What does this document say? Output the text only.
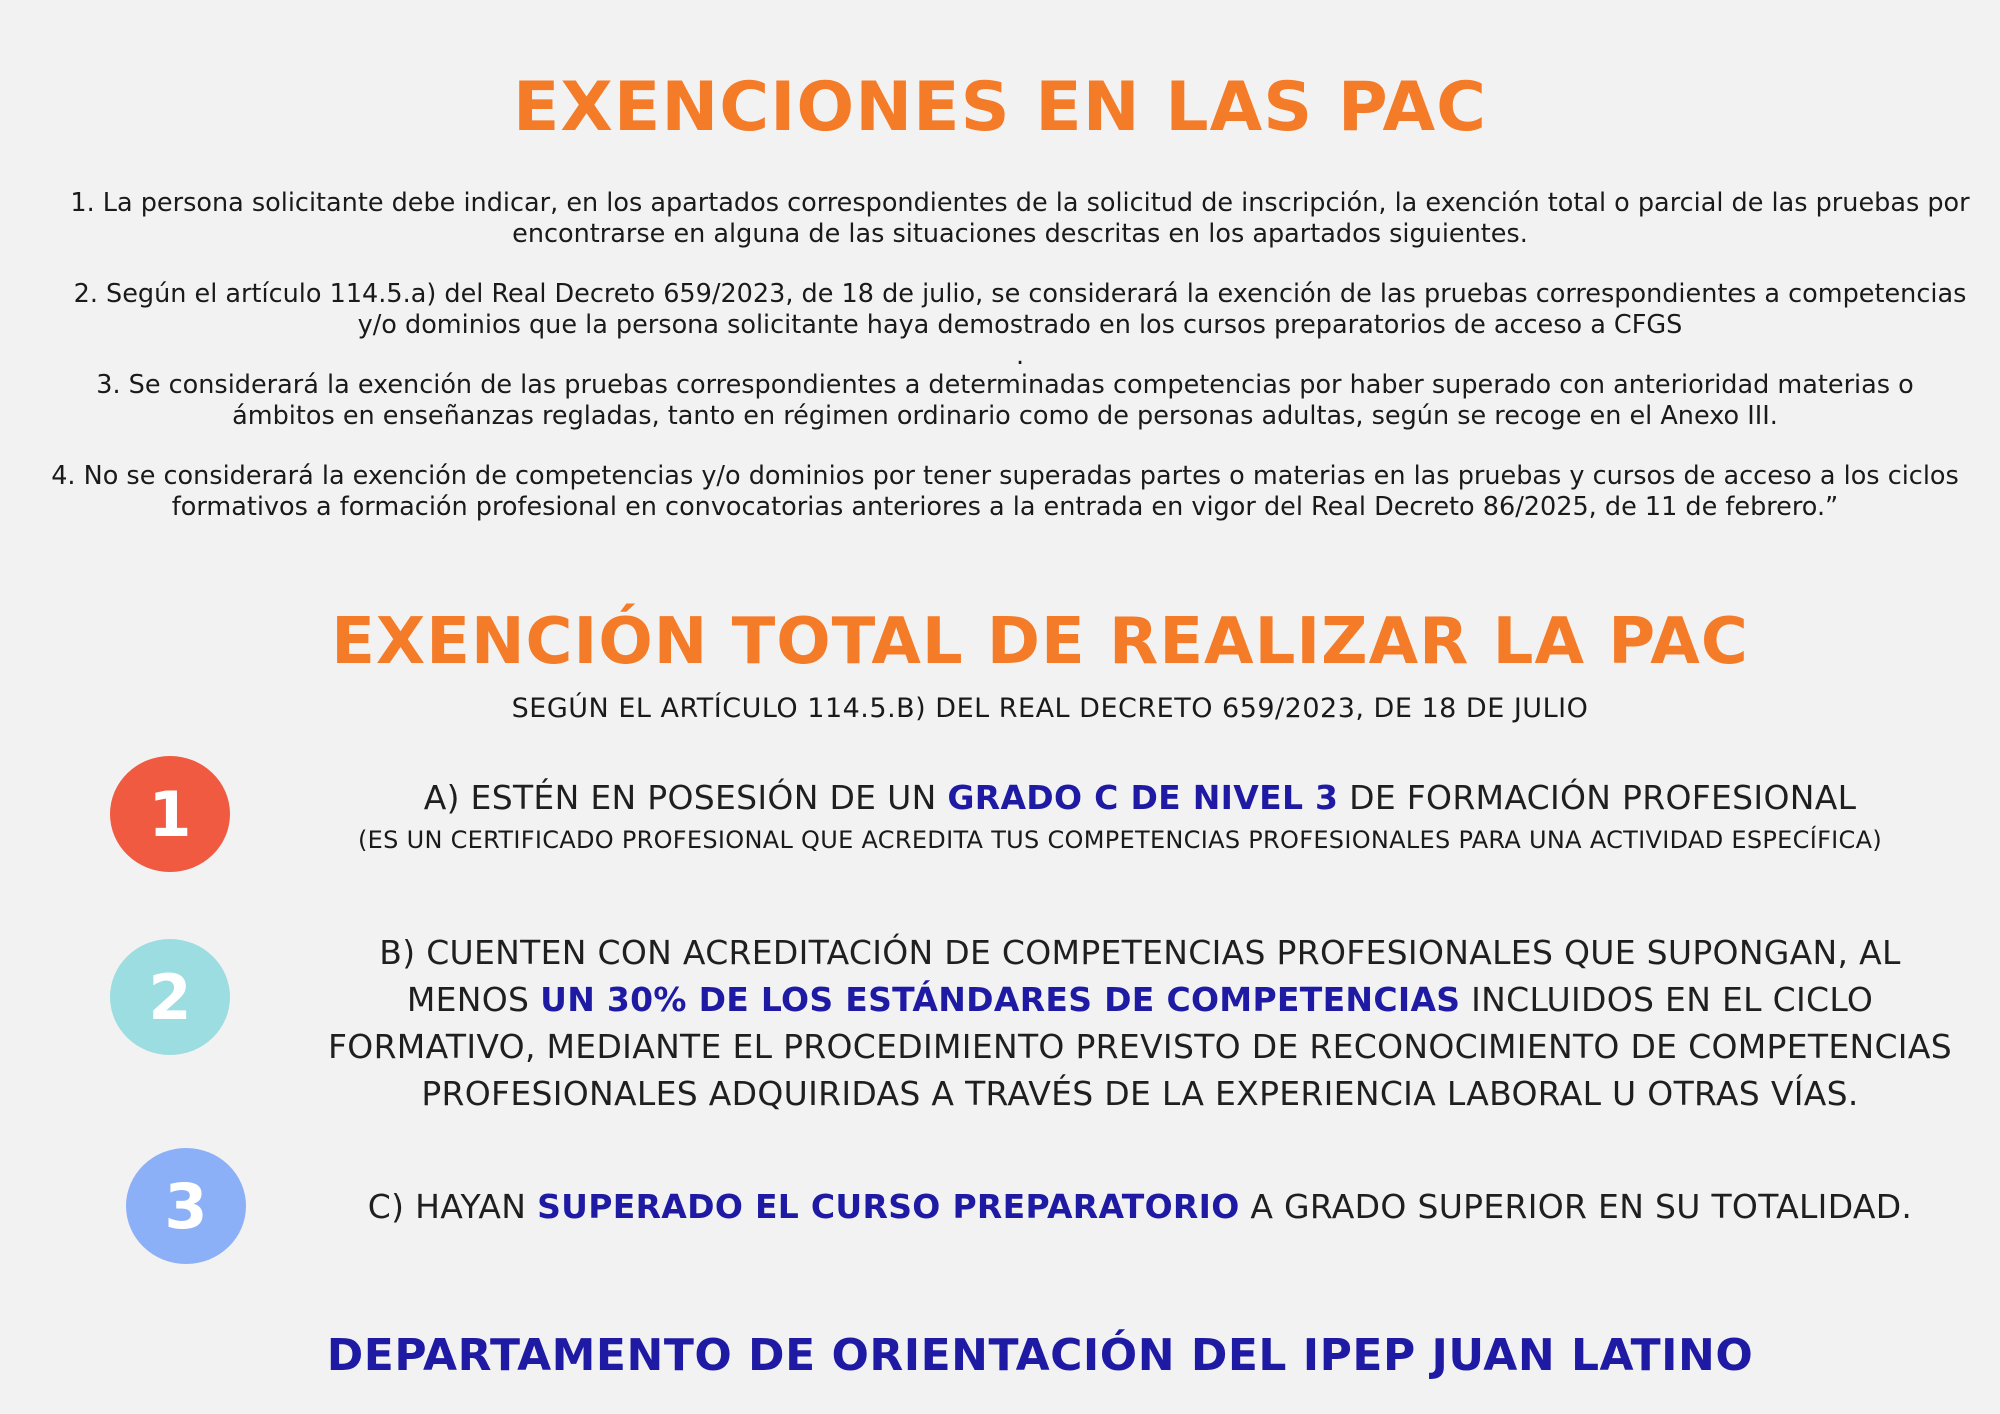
EXENCIONES EN LAS PAC

1. La persona solicitante debe indicar, en los apartados correspondientes de la solicitud de inscripción, la exención total o parcial de las pruebas por encontrarse en alguna de las situaciones descritas en los apartados siguientes.

2. Según el artículo 114.5.a) del Real Decreto 659/2023, de 18 de julio, se considerará la exención de las pruebas correspondientes a competencias y/o dominios que la persona solicitante haya demostrado en los cursos preparatorios de acceso a CFGS
.

3. Se considerará la exención de las pruebas correspondientes a determinadas competencias por haber superado con anterioridad materias o ámbitos en enseñanzas regladas, tanto en régimen ordinario como de personas adultas, según se recoge en el Anexo III.

4. No se considerará la exención de competencias y/o dominios por tener superadas partes o materias en las pruebas y cursos de acceso a los ciclos formativos a formación profesional en convocatorias anteriores a la entrada en vigor del Real Decreto 86/2025, de 11 de febrero.”

EXENCIÓN TOTAL DE REALIZAR LA PAC
SEGÚN EL ARTÍCULO 114.5.B) DEL REAL DECRETO 659/2023, DE 18 DE JULIO
1	A) ESTÉN EN POSESIÓN DE UN GRADO C DE NIVEL 3 DE FORMACIÓN PROFESIONAL
(ES UN CERTIFICADO PROFESIONAL QUE ACREDITA TUS COMPETENCIAS PROFESIONALES PARA UNA ACTIVIDAD ESPECÍFICA)
2
B) CUENTEN CON ACREDITACIÓN DE COMPETENCIAS PROFESIONALES QUE SUPONGAN, AL MENOS UN 30% DE LOS ESTÁNDARES DE COMPETENCIAS INCLUIDOS EN EL CICLO FORMATIVO, MEDIANTE EL PROCEDIMIENTO PREVISTO DE RECONOCIMIENTO DE COMPETENCIAS PROFESIONALES ADQUIRIDAS A TRAVÉS DE LA EXPERIENCIA LABORAL U OTRAS VÍAS.
3	C) HAYAN SUPERADO EL CURSO PREPARATORIO A GRADO SUPERIOR EN SU TOTALIDAD.
DEPARTAMENTO DE ORIENTACIÓN DEL IPEP JUAN LATINO
